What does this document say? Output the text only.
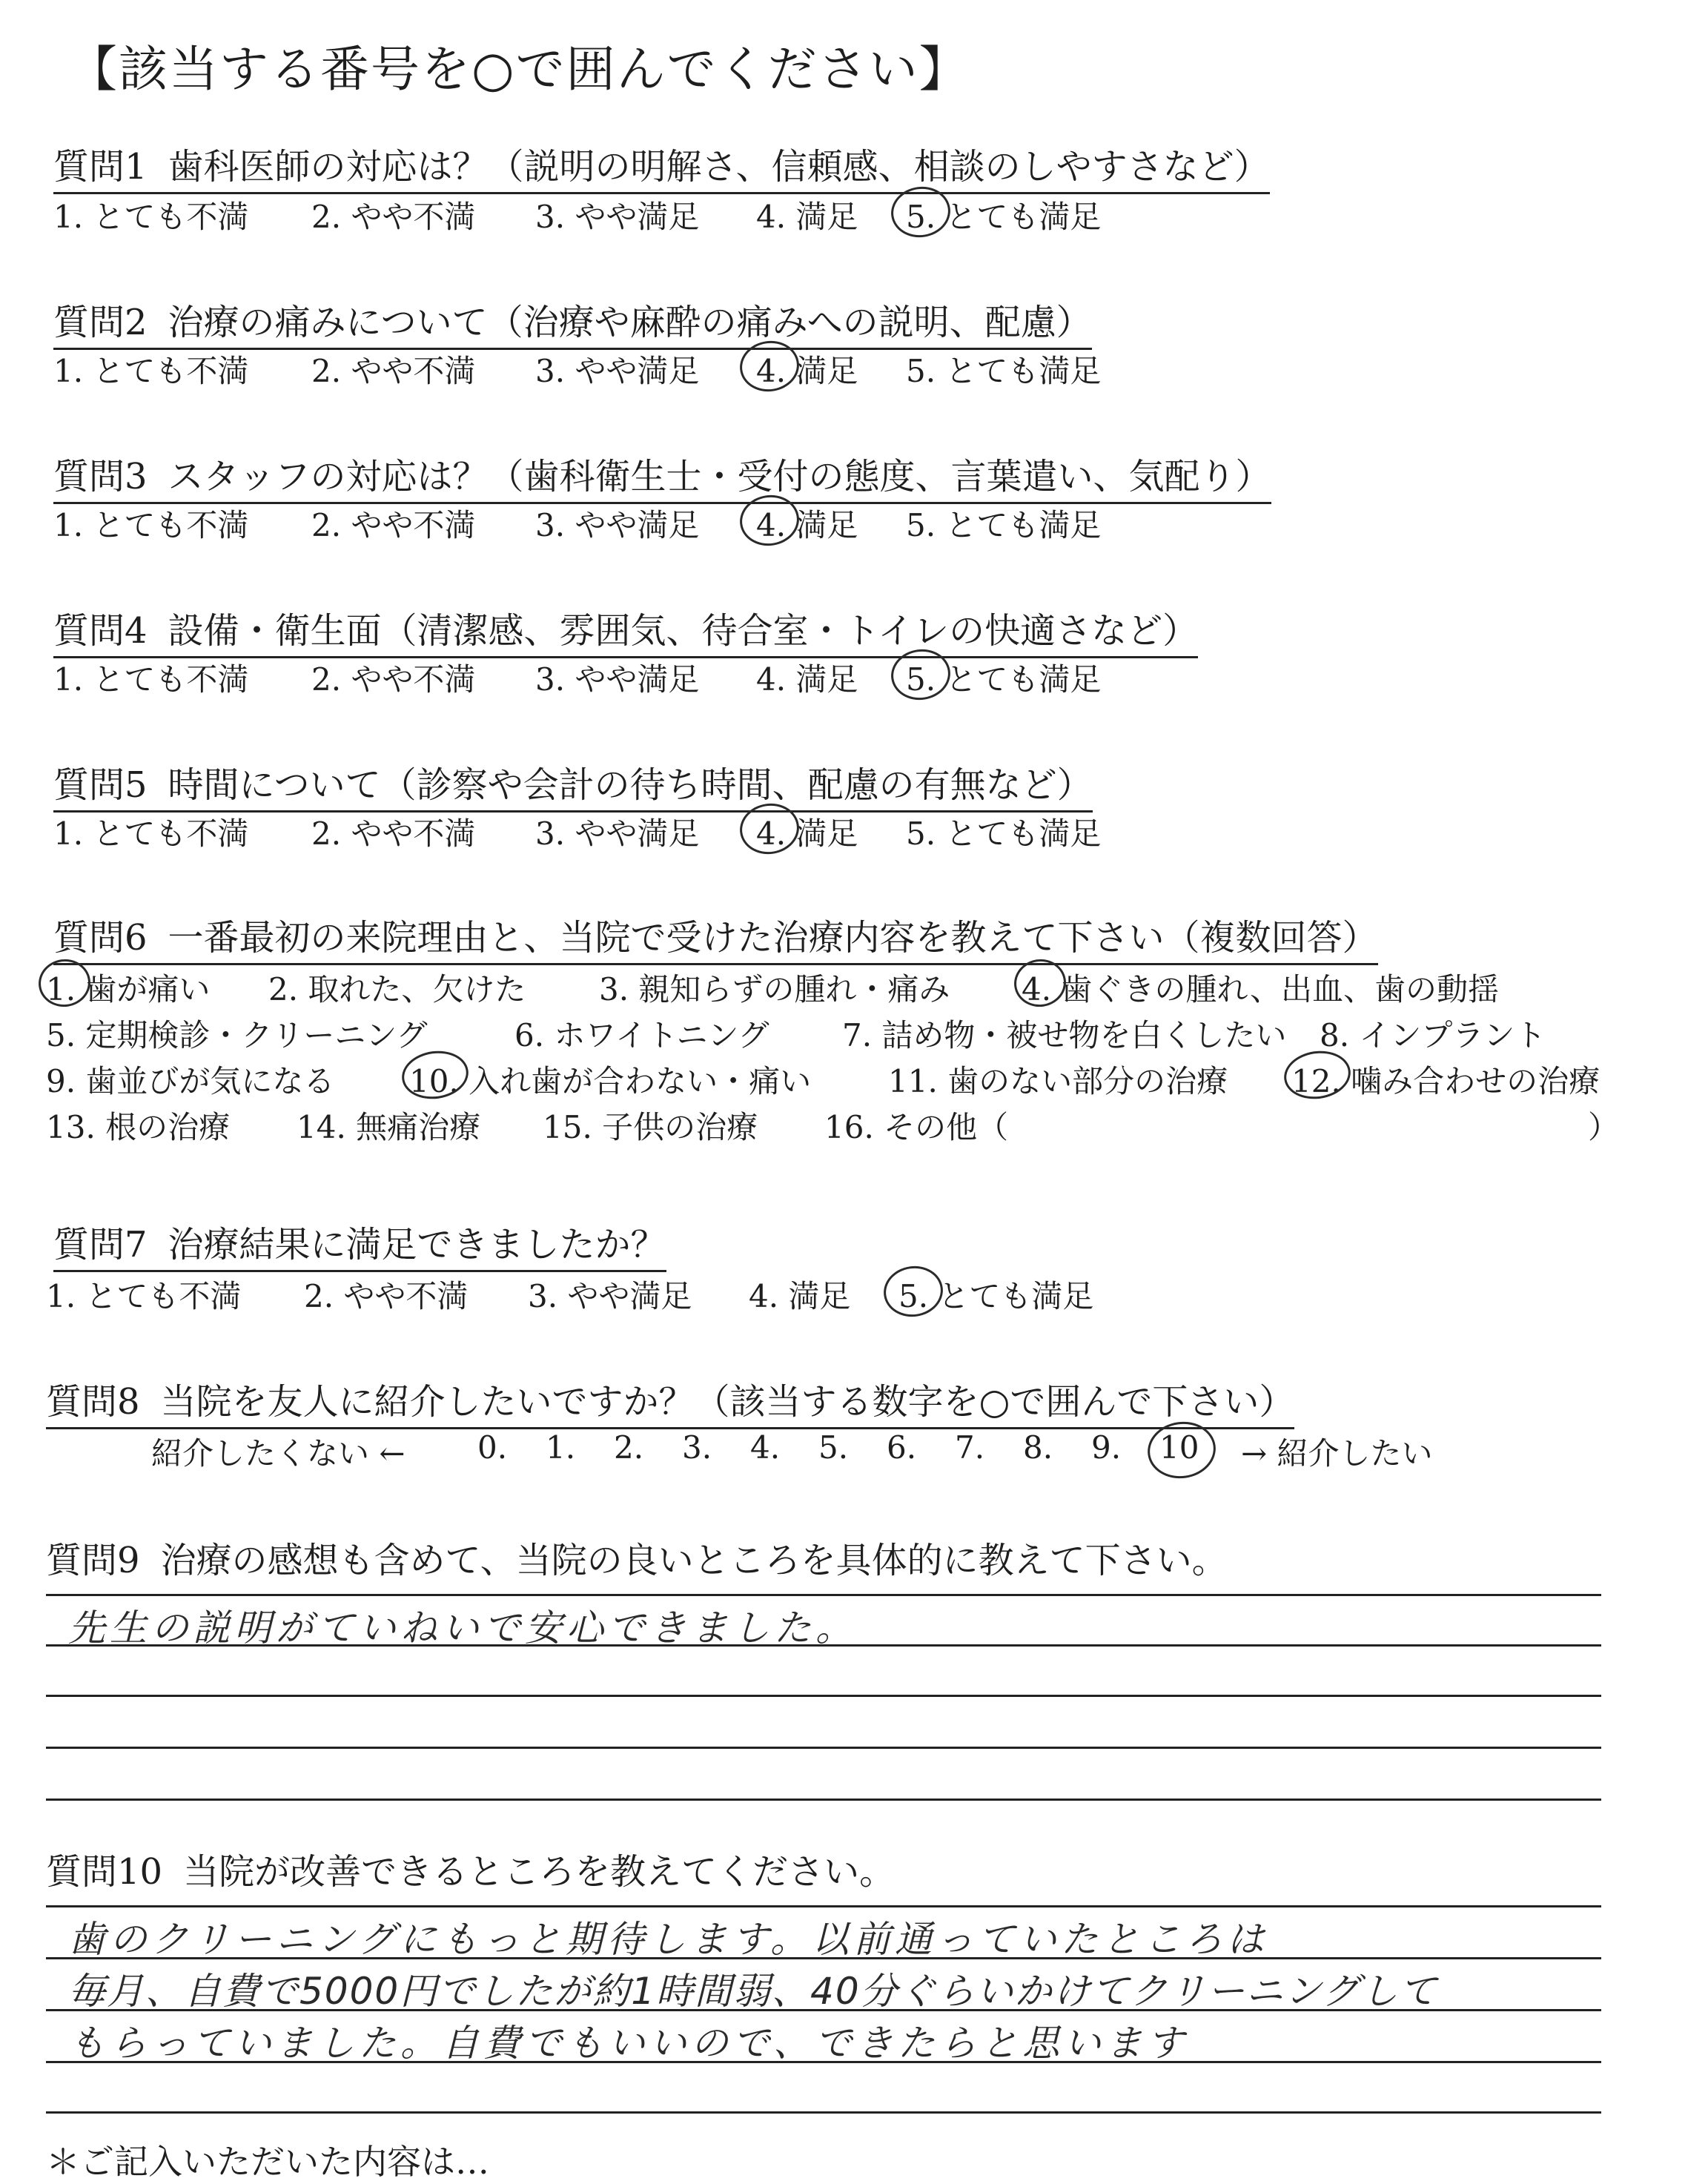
【該当する番号を○で囲んでください】
質問1 歯科医師の対応は？（説明の明解さ、信頼感、相談のしやすさなど）
1. とても不満 2. やや不満 3. やや満足 4. 満足 5. とても満足
質問2 治療の痛みについて（治療や麻酔の痛みへの説明、配慮）
1. とても不満 2. やや不満 3. やや満足 4. 満足 5. とても満足
質問3 スタッフの対応は？（歯科衛生士・受付の態度、言葉遣い、気配り）
1. とても不満 2. やや不満 3. やや満足 4. 満足 5. とても満足
質問4 設備・衛生面（清潔感、雰囲気、待合室・トイレの快適さなど）
1. とても不満 2. やや不満 3. やや満足 4. 満足 5. とても満足
質問5 時間について（診察や会計の待ち時間、配慮の有無など）
1. とても不満 2. やや不満 3. やや満足 4. 満足 5. とても満足
質問6 一番最初の来院理由と、当院で受けた治療内容を教えて下さい（複数回答）
1. 歯が痛い 2. 取れた、欠けた 3. 親知らずの腫れ・痛み 4. 歯ぐきの腫れ、出血、歯の動揺
5. 定期検診・クリーニング	6. ホワイトニング 7. 詰め物・被せ物を白くしたい 8. インプラント
9. 歯並びが気になる 10. 入れ歯が合わない・痛い 11. 歯のない部分の治療 12. 噛み合わせの治療
13. 根の治療 14. 無痛治療 15. 子供の治療 16. その他（	）
質問7 治療結果に満足できましたか？
1. とても不満 2. やや不満 3. やや満足 4. 満足 5. とても満足
質問8 当院を友人に紹介したいですか？（該当する数字を○で囲んで下さい）
紹介したくない ← 0. 1. 2. 3. 4. 5. 6. 7. 8. 9. 10 → 紹介したい
質問9 治療の感想も含めて、当院の良いところを具体的に教えて下さい。
先生の説明がていねいで安心できました。
質問10 当院が改善できるところを教えてください。
歯のクリーニングにもっと期待します。以前通っていたところは
毎月、自費で5000円でしたが約1時間弱、40分ぐらいかけてクリーニングして
もらっていました。自費でもいいので、できたらと思います
＊ご記入いただいた内容は…
